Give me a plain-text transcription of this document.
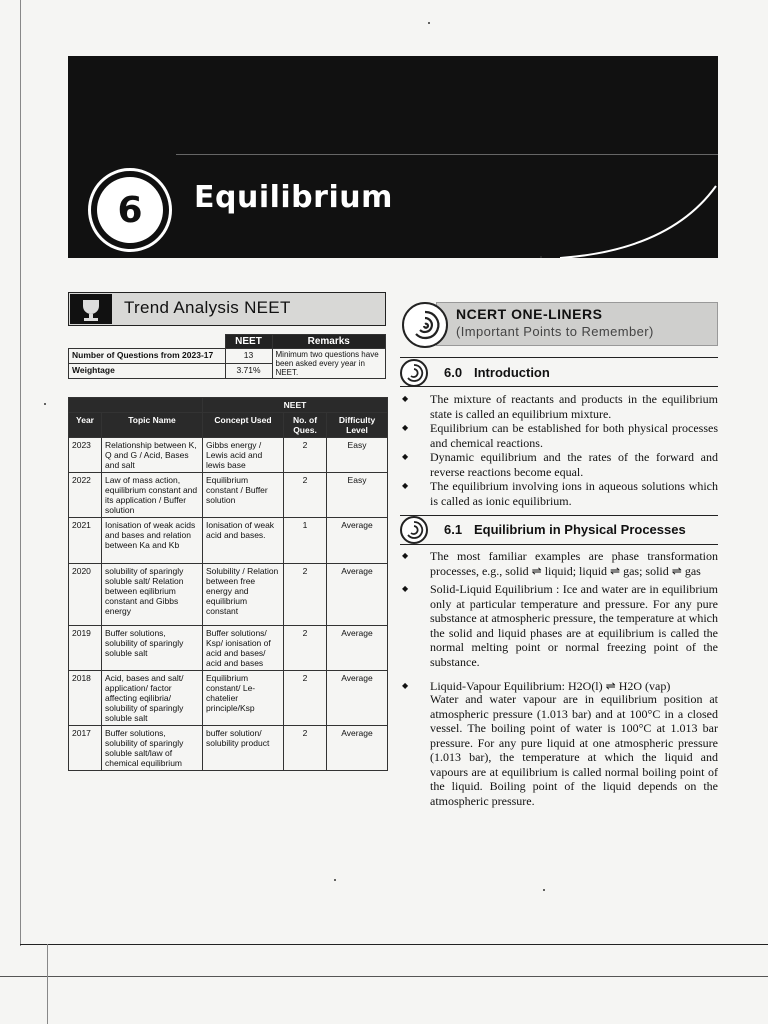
6	Equilibrium
Trend Analysis NEET
	NEET	Remarks
Number of Questions from 2023-17	13	Minimum two questions have been asked every year in NEET.
Weightage	3.71%	
		NEET		
Year	Topic Name	Concept Used	No. of Ques.	Difficulty Level
2023	Relationship between K, Q and G / Acid, Bases and salt	Gibbs energy / Lewis acid and lewis base	2	Easy
2022	Law of mass action, equilibrium constant and its application / Buffer solution	Equilibrium constant / Buffer solution	2	Easy
2021	Ionisation of weak acids and bases and relation between Ka and Kb	Ionisation of weak acid and bases.	1	Average
2020	solubility of sparingly soluble salt/ Relation between eqilibrium constant and Gibbs energy	Solubility / Relation between free energy and equilibrium constant	2	Average
2019	Buffer solutions, solubility of sparingly soluble salt	Buffer solutions/ Ksp/ ionisation of acid and bases/ acid and bases	2	Average
2018	Acid, bases and salt/ application/ factor affecting eqilibria/ solubility of sparingly soluble salt	Equilibrium constant/ Le-chatelier principle/Ksp	2	Average
2017	Buffer solutions, solubility of sparingly soluble salt/law of chemical equilibrium	buffer solution/ solubility product	2	Average
NCERT ONE-LINERS
(Important Points to Remember)
6.0 Introduction
◆ The mixture of reactants and products in the equilibrium state is called an equilibrium mixture.
◆ Equilibrium can be established for both physical processes and chemical reactions.
◆ Dynamic equilibrium and the rates of the forward and reverse reactions become equal.
◆ The equilibrium involving ions in aqueous solutions which is called as ionic equilibrium.
6.1 Equilibrium in Physical Processes
◆ The most familiar examples are phase transformation processes, e.g., solid ⇌ liquid; liquid ⇌ gas; solid ⇌ gas
◆ Solid-Liquid Equilibrium : Ice and water are in equilibrium only at particular temperature and pressure. For any pure substance at atmospheric pressure, the temperature at which the solid and liquid phases are at equilibrium is called the normal melting point or normal freezing point of the substance.
◆ Liquid-Vapour Equilibrium: H2O(l) ⇌ H2O (vap)
Water and water vapour are in equilibrium position at atmospheric pressure (1.013 bar) and at 100°C in a closed vessel. The boiling point of water is 100°C at 1.013 bar pressure. For any pure liquid at one atmospheric pressure (1.013 bar), the temperature at which the liquid and vapours are at equilibrium is called normal boiling point of the liquid. Boiling point of the liquid depends on the atmospheric pressure.
